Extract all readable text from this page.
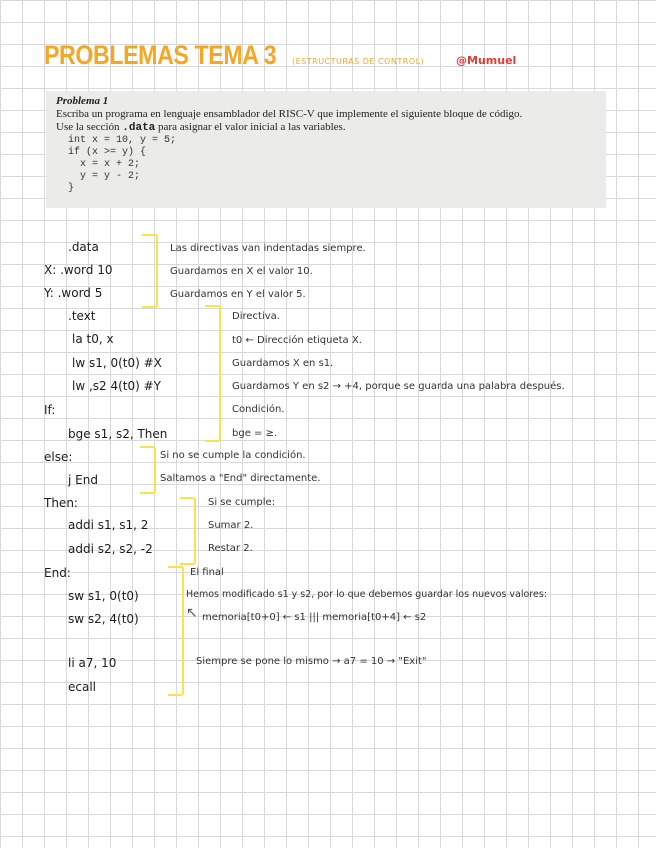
PROBLEMAS TEMA 3 (ESTRUCTURAS DE CONTROL)	@Mumuel
Problema 1
Escriba un programa en lenguaje ensamblador del RISC-V que implemente el siguiente bloque de código.
Use la sección .data para asignar el valor inicial a las variables.
int x = 10, y = 5;
if (x >= y) {
x = x + 2;
y = y - 2;
}
.data
X: .word 10
Y: .word 5
.text
la t0, x
lw s1, 0(t0) #X
lw ,s2 4(t0) #Y
If:
bge s1, s2, Then
else:
j End
Then:
addi s1, s1, 2
addi s2, s2, -2
End:
sw s1, 0(t0)
sw s2, 4(t0)
li a7, 10
ecall
Las directivas van indentadas siempre.
Guardamos en X el valor 10.
Guardamos en Y el valor 5.
Directiva.
t0 ← Dirección etiqueta X.
Guardamos X en s1.
Guardamos Y en s2 → +4, porque se guarda una palabra después.
Condición.
bge = ≥.
Si no se cumple la condición.
Saltamos a "End" directamente.
Si se cumple:
Sumar 2.
Restar 2.
El final
Hemos modificado s1 y s2, por lo que debemos guardar los nuevos valores:
↖ memoria[t0+0] ← s1 ||| memoria[t0+4] ← s2
Siempre se pone lo mismo → a7 = 10 → "Exit"
